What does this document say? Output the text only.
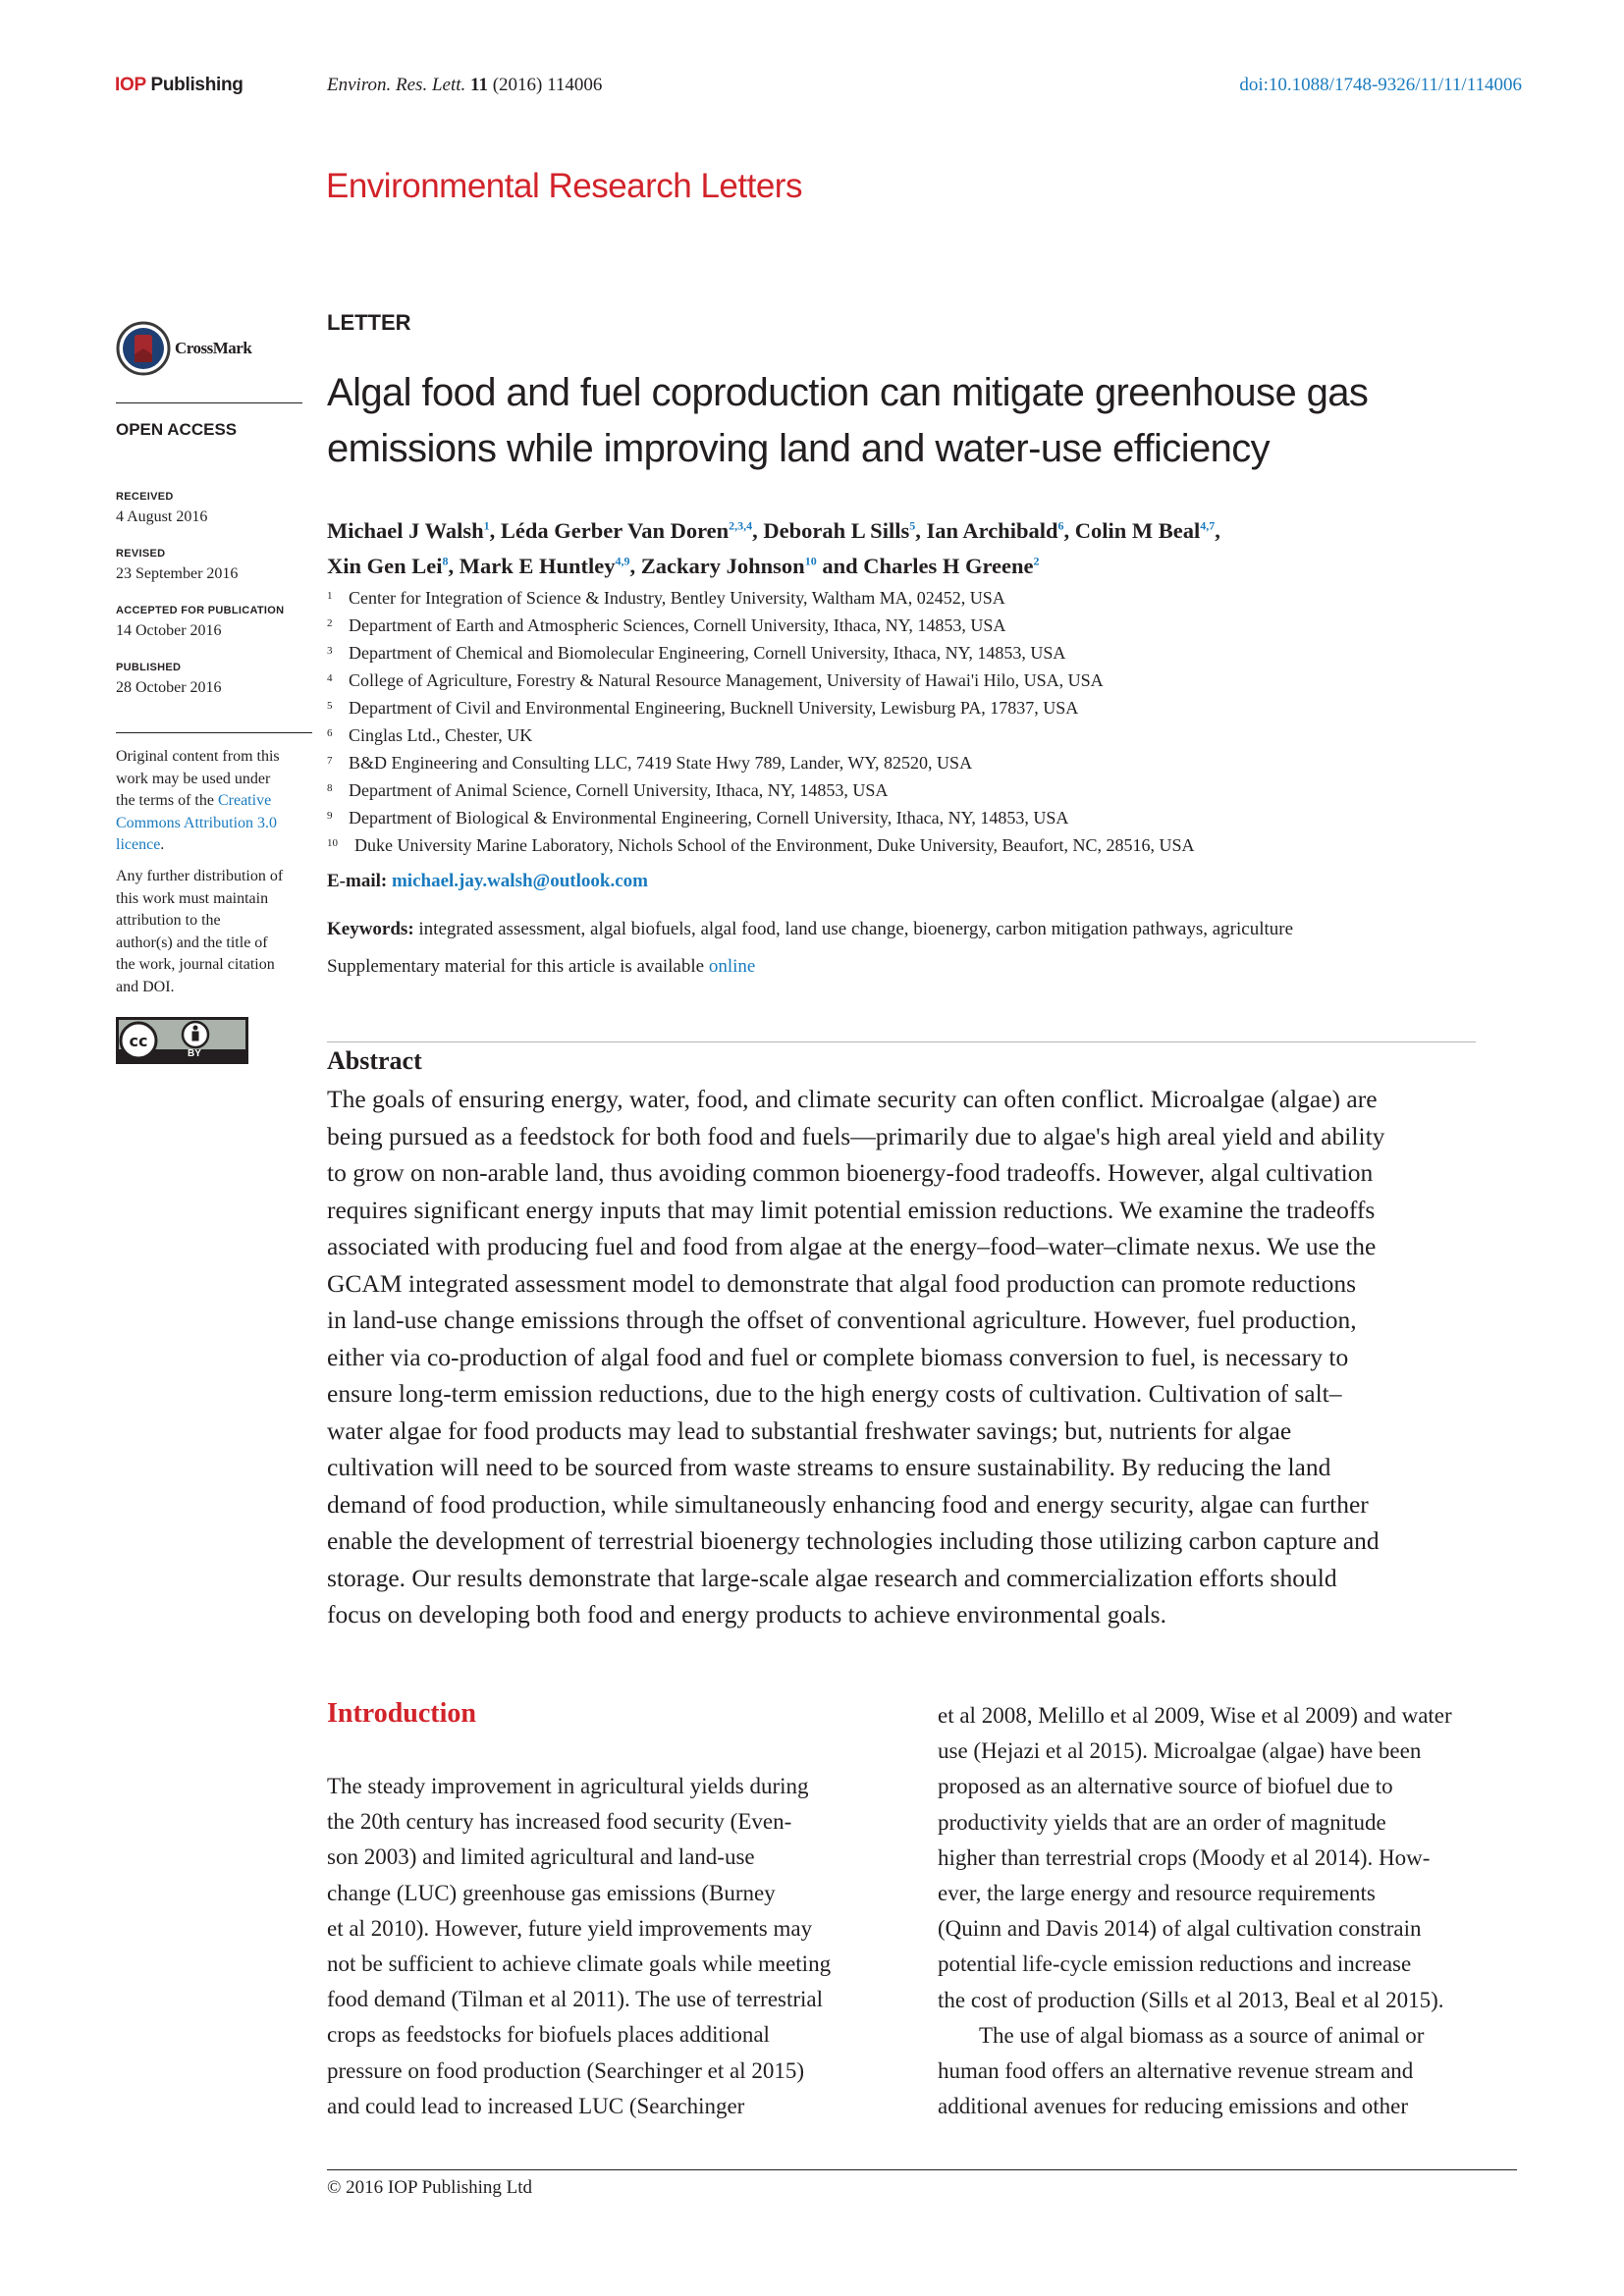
IOP Publishing	Environ. Res. Lett. 11 (2016) 114006	doi:10.1088/1748-9326/11/11/114006
Environmental Research Letters
CrossMark
OPEN ACCESS
RECEIVED
4 August 2016
REVISED
23 September 2016
ACCEPTED FOR PUBLICATION
14 October 2016
PUBLISHED
28 October 2016
Original content from this
work may be used under
the terms of the Creative
Commons Attribution 3.0
licence.
Any further distribution of
this work must maintain
attribution to the
author(s) and the title of
the work, journal citation
and DOI.
cc
BY
LETTER
Algal food and fuel coproduction can mitigate greenhouse gas
emissions while improving land and water-use efficiency
Michael J Walsh$^1$, Léda Gerber Van Doren$^{2,3,4}$, Deborah L Sills$^5$, Ian Archibald$^6$, Colin M Beal$^{4,7}$,
Xin Gen Lei$^8$, Mark E Huntley$^{4,9}$, Zackary Johnson$^{10}$ and Charles H Greene$^2$
1 Center for Integration of Science & Industry, Bentley University, Waltham MA, 02452, USA
2 Department of Earth and Atmospheric Sciences, Cornell University, Ithaca, NY, 14853, USA
3 Department of Chemical and Biomolecular Engineering, Cornell University, Ithaca, NY, 14853, USA
4 College of Agriculture, Forestry & Natural Resource Management, University of Hawai'i Hilo, USA, USA
5 Department of Civil and Environmental Engineering, Bucknell University, Lewisburg PA, 17837, USA
6 Cinglas Ltd., Chester, UK
7 B&D Engineering and Consulting LLC, 7419 State Hwy 789, Lander, WY, 82520, USA
8 Department of Animal Science, Cornell University, Ithaca, NY, 14853, USA
9 Department of Biological & Environmental Engineering, Cornell University, Ithaca, NY, 14853, USA
10 Duke University Marine Laboratory, Nichols School of the Environment, Duke University, Beaufort, NC, 28516, USA
E-mail: michael.jay.walsh@outlook.com
Keywords: integrated assessment, algal biofuels, algal food, land use change, bioenergy, carbon mitigation pathways, agriculture
Supplementary material for this article is available online
Abstract

The goals of ensuring energy, water, food, and climate security can often conflict. Microalgae (algae) are

being pursued as a feedstock for both food and fuels—primarily due to algae's high areal yield and ability

to grow on non-arable land, thus avoiding common bioenergy-food tradeoffs. However, algal cultivation

requires significant energy inputs that may limit potential emission reductions. We examine the tradeoffs

associated with producing fuel and food from algae at the energy–food–water–climate nexus. We use the

GCAM integrated assessment model to demonstrate that algal food production can promote reductions

in land-use change emissions through the offset of conventional agriculture. However, fuel production,

either via co-production of algal food and fuel or complete biomass conversion to fuel, is necessary to

ensure long-term emission reductions, due to the high energy costs of cultivation. Cultivation of salt–

water algae for food products may lead to substantial freshwater savings; but, nutrients for algae

cultivation will need to be sourced from waste streams to ensure sustainability. By reducing the land

demand of food production, while simultaneously enhancing food and energy security, algae can further

enable the development of terrestrial bioenergy technologies including those utilizing carbon capture and

storage. Our results demonstrate that large-scale algae research and commercialization efforts should

focus on developing both food and energy products to achieve environmental goals.

Introduction

The steady improvement in agricultural yields during

the 20th century has increased food security (Even-

son 2003) and limited agricultural and land-use

change (LUC) greenhouse gas emissions (Burney

et al 2010). However, future yield improvements may

not be sufficient to achieve climate goals while meeting

food demand (Tilman et al 2011). The use of terrestrial

crops as feedstocks for biofuels places additional

pressure on food production (Searchinger et al 2015)

and could lead to increased LUC (Searchinger

et al 2008, Melillo et al 2009, Wise et al 2009) and water

use (Hejazi et al 2015). Microalgae (algae) have been

proposed as an alternative source of biofuel due to

productivity yields that are an order of magnitude

higher than terrestrial crops (Moody et al 2014). How-

ever, the large energy and resource requirements

(Quinn and Davis 2014) of algal cultivation constrain

potential life-cycle emission reductions and increase

the cost of production (Sills et al 2013, Beal et al 2015).

The use of algal biomass as a source of animal or

human food offers an alternative revenue stream and

additional avenues for reducing emissions and other

© 2016 IOP Publishing Ltd
